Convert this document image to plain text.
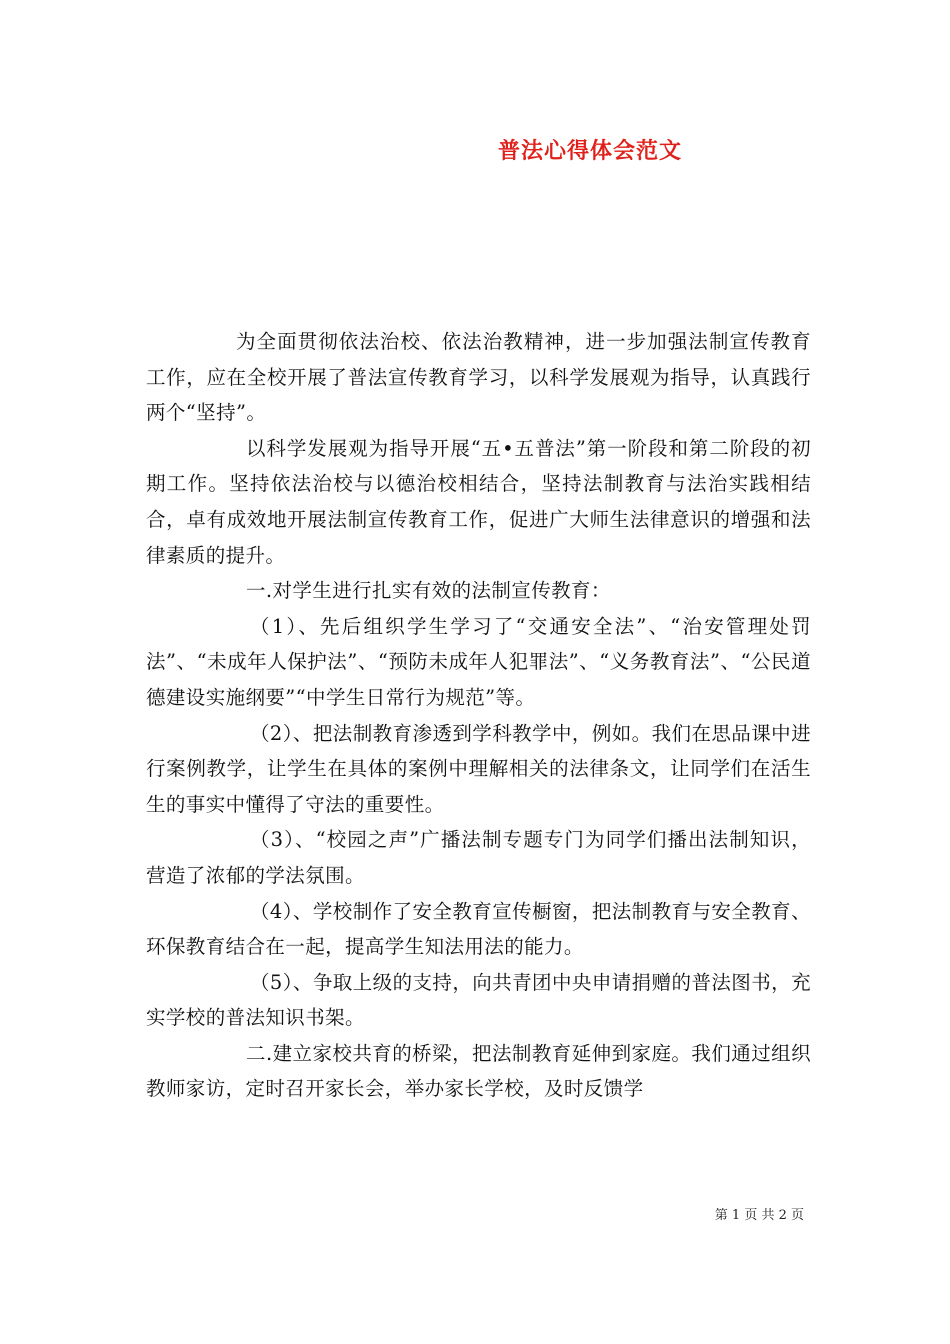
普法心得体会范文

为全面贯彻依法治校、依法治教精神，进一步加强法制宣传教育工作，应在全校开展了普法宣传教育学习，以科学发展观为指导，认真践行两个“坚持”。

以科学发展观为指导开展“五•五普法”第一阶段和第二阶段的初期工作。坚持依法治校与以德治校相结合，坚持法制教育与法治实践相结合，卓有成效地开展法制宣传教育工作，促进广大师生法律意识的增强和法律素质的提升。

一.对学生进行扎实有效的法制宣传教育：

（1）、先后组织学生学习了“交通安全法”、“治安管理处罚法”、“未成年人保护法”、“预防未成年人犯罪法”、“义务教育法”、“公民道德建设实施纲要”“中学生日常行为规范”等。

（2）、把法制教育渗透到学科教学中，例如。我们在思品课中进行案例教学，让学生在具体的案例中理解相关的法律条文，让同学们在活生生的事实中懂得了守法的重要性。

（3）、“校园之声”广播法制专题专门为同学们播出法制知识，营造了浓郁的学法氛围。

（4）、学校制作了安全教育宣传橱窗，把法制教育与安全教育、环保教育结合在一起，提高学生知法用法的能力。

（5）、争取上级的支持，向共青团中央申请捐赠的普法图书，充实学校的普法知识书架。

二.建立家校共育的桥梁，把法制教育延伸到家庭。我们通过组织教师家访，定时召开家长会，举办家长学校，及时反馈学

第 1 页 共 2 页
